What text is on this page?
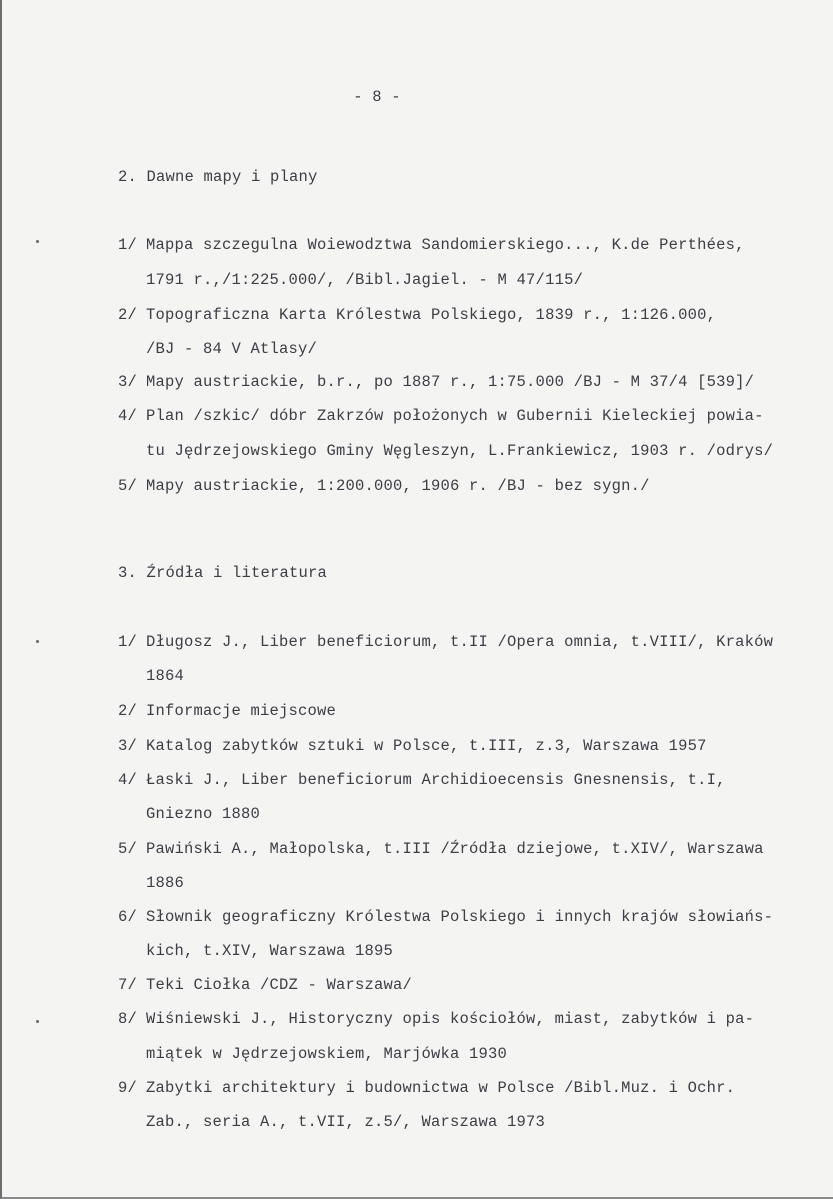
- 8 -
2. Dawne mapy i plany
1/ Mappa szczegulna Woiewodztwa Sandomierskiego..., K.de Perthées,
1791 r.,/1:225.000/, /Bibl.Jagiel. - M 47/115/
2/ Topograficzna Karta Królestwa Polskiego, 1839 r., 1:126.000,
/BJ - 84 V Atlasy/
3/ Mapy austriackie, b.r., po 1887 r., 1:75.000 /BJ - M 37/4 [539]/
4/ Plan /szkic/ dóbr Zakrzów położonych w Gubernii Kieleckiej powia-
tu Jędrzejowskiego Gminy Węgleszyn, L.Frankiewicz, 1903 r. /odrys/
5/ Mapy austriackie, 1:200.000, 1906 r. /BJ - bez sygn./
3. Źródła i literatura
1/ Długosz J., Liber beneficiorum, t.II /Opera omnia, t.VIII/, Kraków
1864
2/ Informacje miejscowe
3/ Katalog zabytków sztuki w Polsce, t.III, z.3, Warszawa 1957
4/ Łaski J., Liber beneficiorum Archidioecensis Gnesnensis, t.I,
Gniezno 1880
5/ Pawiński A., Małopolska, t.III /Źródła dziejowe, t.XIV/, Warszawa
1886
6/ Słownik geograficzny Królestwa Polskiego i innych krajów słowiańs-
kich, t.XIV, Warszawa 1895
7/ Teki Ciołka /CDZ - Warszawa/
8/ Wiśniewski J., Historyczny opis kościołów, miast, zabytków i pa-
miątek w Jędrzejowskiem, Marjówka 1930
9/ Zabytki architektury i budownictwa w Polsce /Bibl.Muz. i Ochr.
Zab., seria A., t.VII, z.5/, Warszawa 1973
